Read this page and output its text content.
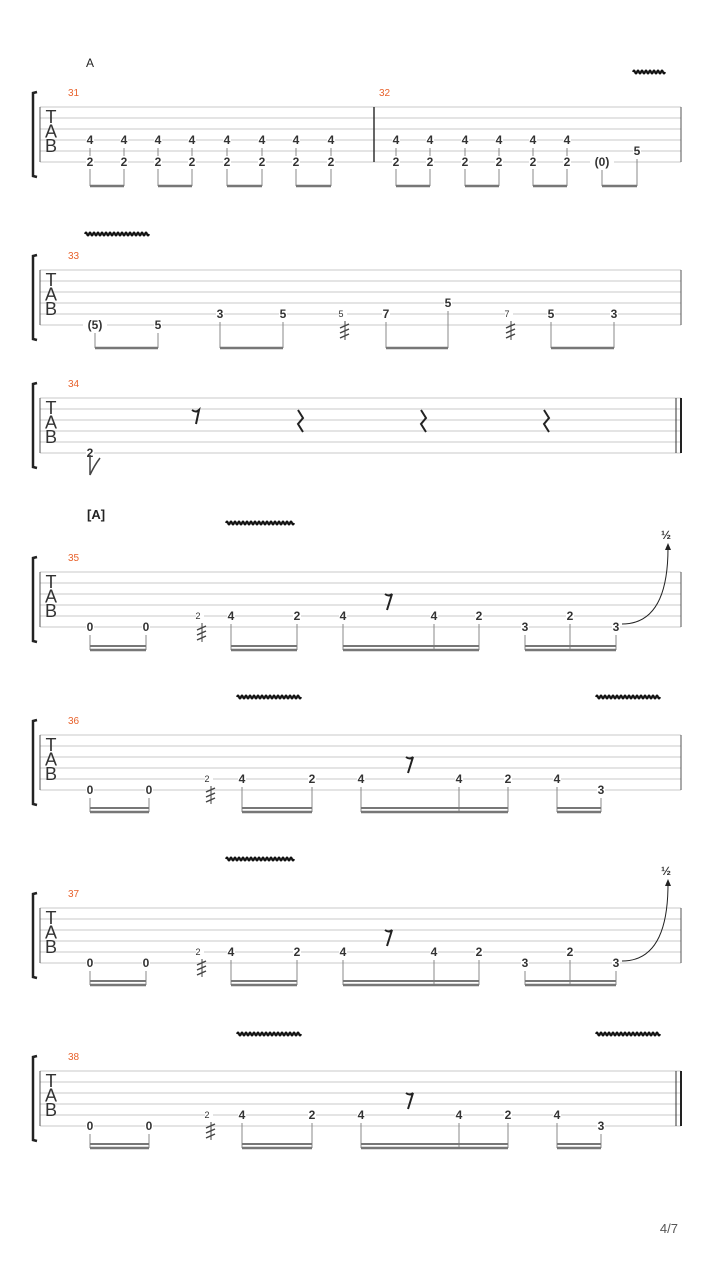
A
[A]
4/7
T
A
B
31
4
2
4
2
4
2
4
2
4
2
4
2
4
2
4
2
32
4
2
4
2
4
2
4
2
4
2
4
2 (0)
5
T
A
B
33
(5)	5
3	5	5	7
5
7	5	3
T
A
B
34
2
T
A
B
35
0	0
2 4	2	4	4	2
3
2
3
½
T
A
B
36
0	0
2 4	2	4	4	2	4
3
T
A
B
37
0	0
2 4	2	4	4	2
3
2
3
½
T
A
B
38
0	0
2 4	2	4	4	2	4
3
